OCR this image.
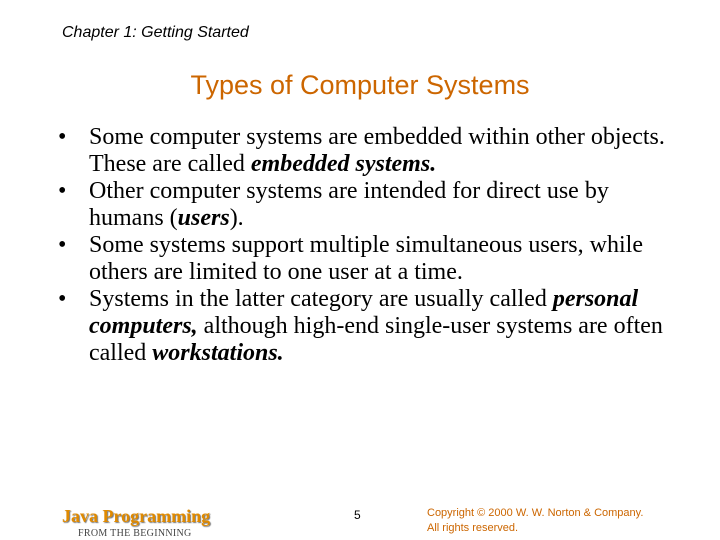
Chapter 1: Getting Started

Types of Computer Systems
• Some computer systems are embedded within other objects. These are called embedded systems.
• Other computer systems are intended for direct use by humans (users).
• Some systems support multiple simultaneous users, while others are limited to one user at a time.
• Systems in the latter category are usually called personal computers, although high-end single-user systems are often called workstations.

Java Programming

FROM THE BEGINNING

5	Copyright © 2000 W. W. Norton & Company.
All rights reserved.
